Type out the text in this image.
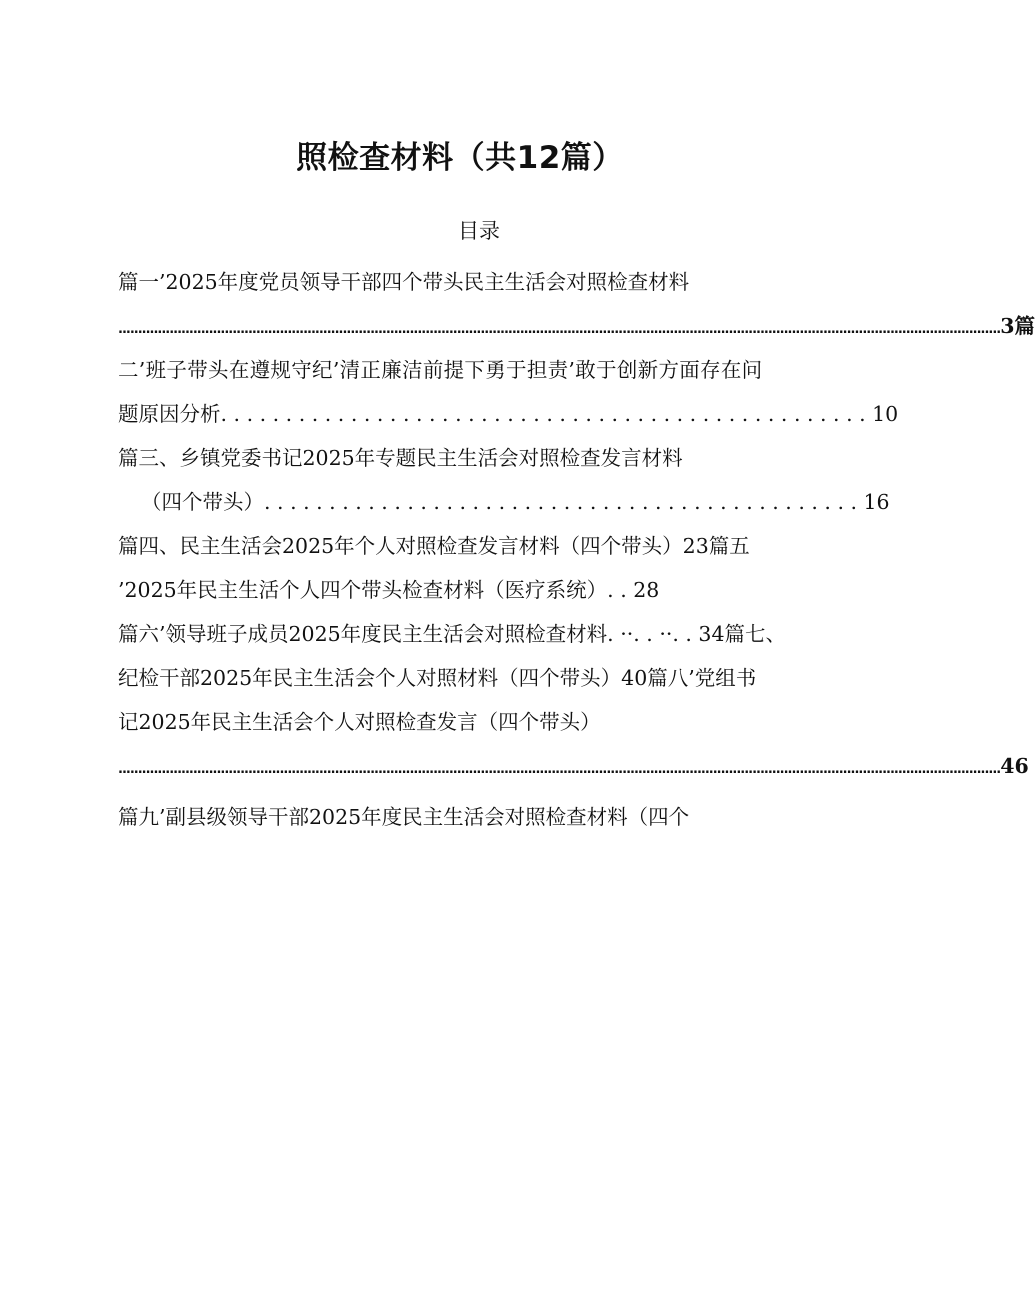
照检查材料（共12篇）
目录
篇一’2025年度党员领导干部四个带头民主生活会对照检查材料
................................................................................................................................................................................................................................ 3篇
二’班子带头在遵规守纪’清正廉洁前提下勇于担责’敢于创新方面存在问
题原因分析. . . . . . . . . . . . . . . . . . . . . . . . . . . . . . . . . . . . . . . . . . . . . . . . . . 10
篇三、乡镇党委书记2025年专题民主生活会对照检查发言材料
（四个带头）. . . . . . . . . . . . . . . . . . . . . . . . . . . . . . . . . . . . . . . . . . . . . . 16
篇四、民主生活会2025年个人对照检查发言材料（四个带头）23篇五
’2025年民主生活个人四个带头检查材料（医疗系统）. . 28
篇六’领导班子成员2025年度民主生活会对照检查材料. ··. . ··. . 34篇七、
纪检干部2025年民主生活会个人对照材料（四个带头）40篇八’党组书
记2025年民主生活会个人对照检查发言（四个带头）
................................................................................................................................................................................................................................ 46
篇九’副县级领导干部2025年度民主生活会对照检查材料（四个
